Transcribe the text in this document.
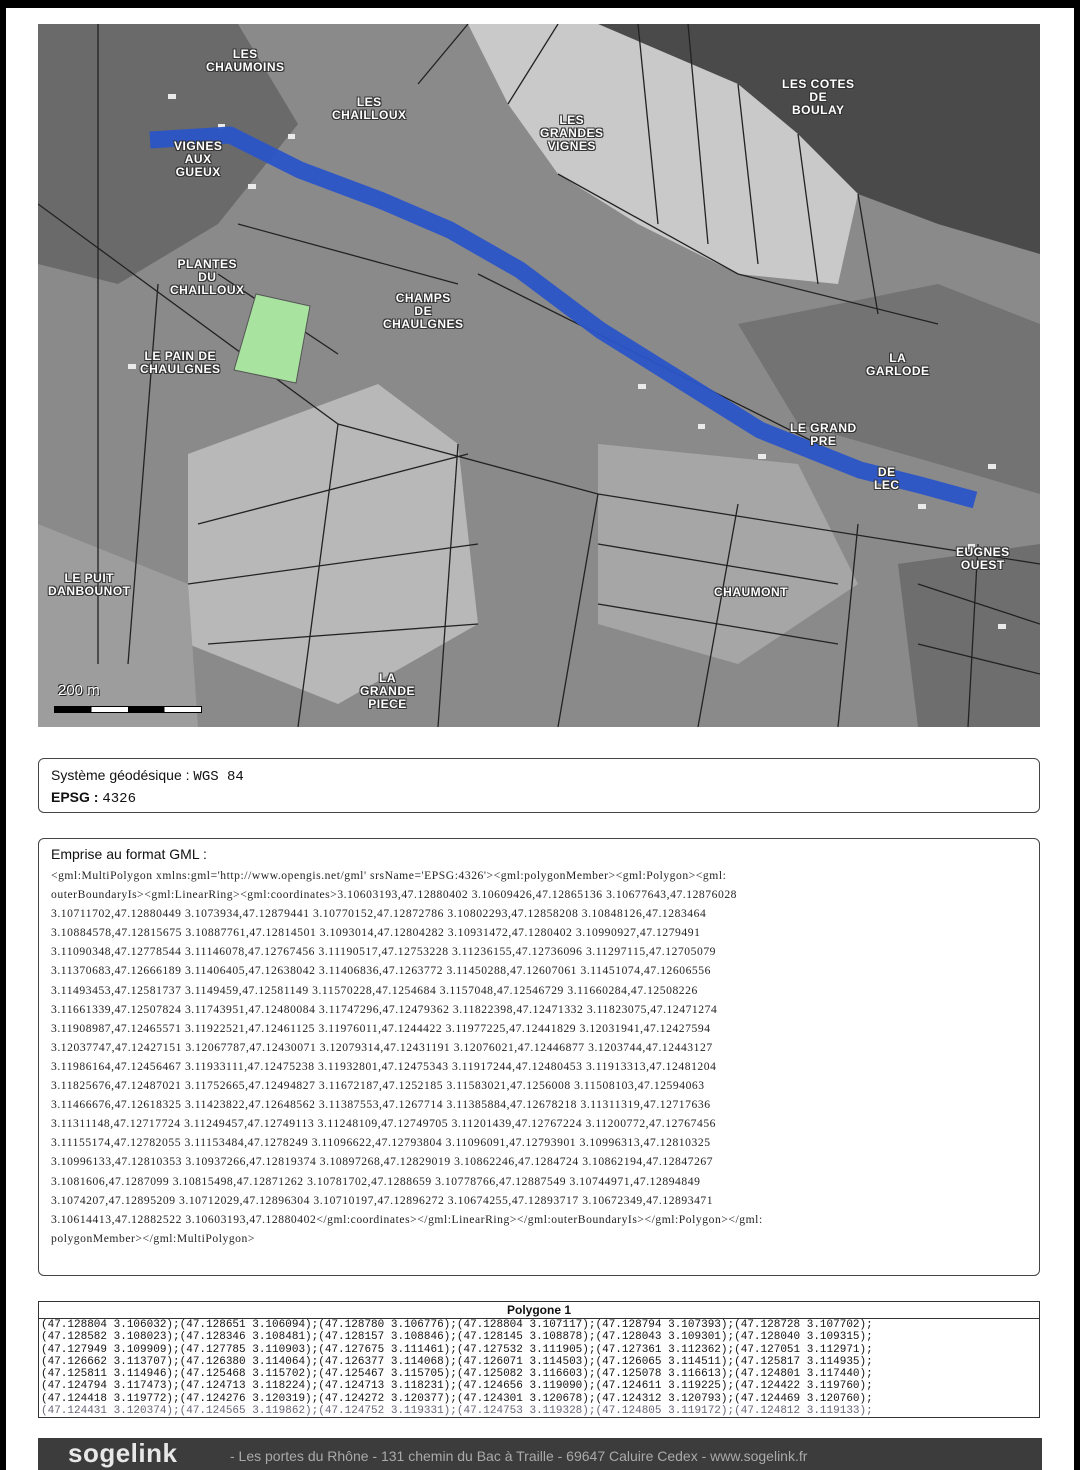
LES
CHAUMOINS
LES
CHAILLOUX	LES
GRANDES
VIGNES
LES COTES
DE
BOULAY
VIGNES
AUX
GUEUX
PLANTES
DU
CHAILLOUX
CHAMPS
DE
CHAULGNES
LE PAIN DE
CHAULGNES
LA
GARLODE
LE GRAND
PRE
DE
LEC
EUGNES
OUEST
CHAUMONT
LE PUIT
DANBOUNOT
LA
GRANDE
PIECE
200 m
Système géodésique : WGS 84
EPSG : 4326
Emprise au format GML :
<gml:MultiPolygon xmlns:gml='http://www.opengis.net/gml' srsName='EPSG:4326'><gml:polygonMember><gml:Polygon><gml:
outerBoundaryIs><gml:LinearRing><gml:coordinates>3.10603193,47.12880402 3.10609426,47.12865136 3.10677643,47.12876028
3.10711702,47.12880449 3.1073934,47.12879441 3.10770152,47.12872786 3.10802293,47.12858208 3.10848126,47.1283464
3.10884578,47.12815675 3.10887761,47.12814501 3.1093014,47.12804282 3.10931472,47.1280402 3.10990927,47.1279491
3.11090348,47.12778544 3.11146078,47.12767456 3.11190517,47.12753228 3.11236155,47.12736096 3.11297115,47.12705079
3.11370683,47.12666189 3.11406405,47.12638042 3.11406836,47.1263772 3.11450288,47.12607061 3.11451074,47.12606556
3.11493453,47.12581737 3.1149459,47.12581149 3.11570228,47.1254684 3.1157048,47.12546729 3.11660284,47.12508226
3.11661339,47.12507824 3.11743951,47.12480084 3.11747296,47.12479362 3.11822398,47.12471332 3.11823075,47.12471274
3.11908987,47.12465571 3.11922521,47.12461125 3.11976011,47.1244422 3.11977225,47.12441829 3.12031941,47.12427594
3.12037747,47.12427151 3.12067787,47.12430071 3.12079314,47.12431191 3.12076021,47.12446877 3.1203744,47.12443127
3.11986164,47.12456467 3.11933111,47.12475238 3.11932801,47.12475343 3.11917244,47.12480453 3.11913313,47.12481204
3.11825676,47.12487021 3.11752665,47.12494827 3.11672187,47.1252185 3.11583021,47.1256008 3.11508103,47.12594063
3.11466676,47.12618325 3.11423822,47.12648562 3.11387553,47.1267714 3.11385884,47.12678218 3.11311319,47.12717636
3.11311148,47.12717724 3.11249457,47.12749113 3.11248109,47.12749705 3.11201439,47.12767224 3.11200772,47.12767456
3.11155174,47.12782055 3.11153484,47.1278249 3.11096622,47.12793804 3.11096091,47.12793901 3.10996313,47.12810325
3.10996133,47.12810353 3.10937266,47.12819374 3.10897268,47.12829019 3.10862246,47.1284724 3.10862194,47.12847267
3.1081606,47.1287099 3.10815498,47.12871262 3.10781702,47.1288659 3.10778766,47.12887549 3.10744971,47.12894849
3.1074207,47.12895209 3.10712029,47.12896304 3.10710197,47.12896272 3.10674255,47.12893717 3.10672349,47.12893471
3.10614413,47.12882522 3.10603193,47.12880402</gml:coordinates></gml:LinearRing></gml:outerBoundaryIs></gml:Polygon></gml:
polygonMember></gml:MultiPolygon>
Polygone 1
(47.128804 3.106032);(47.128651 3.106094);(47.128780 3.106776);(47.128804 3.107117);(47.128794 3.107393);(47.128728 3.107702);
(47.128582 3.108023);(47.128346 3.108481);(47.128157 3.108846);(47.128145 3.108878);(47.128043 3.109301);(47.128040 3.109315);
(47.127949 3.109909);(47.127785 3.110903);(47.127675 3.111461);(47.127532 3.111905);(47.127361 3.112362);(47.127051 3.112971);
(47.126662 3.113707);(47.126380 3.114064);(47.126377 3.114068);(47.126071 3.114503);(47.126065 3.114511);(47.125817 3.114935);
(47.125811 3.114946);(47.125468 3.115702);(47.125467 3.115705);(47.125082 3.116603);(47.125078 3.116613);(47.124801 3.117440);
(47.124794 3.117473);(47.124713 3.118224);(47.124713 3.118231);(47.124656 3.119090);(47.124611 3.119225);(47.124422 3.119760);
(47.124418 3.119772);(47.124276 3.120319);(47.124272 3.120377);(47.124301 3.120678);(47.124312 3.120793);(47.124469 3.120760);
(47.124431 3.120374);(47.124565 3.119862);(47.124752 3.119331);(47.124753 3.119328);(47.124805 3.119172);(47.124812 3.119133);
sogelink	- Les portes du Rhône - 131 chemin du Bac à Traille - 69647 Caluire Cedex - www.sogelink.fr
